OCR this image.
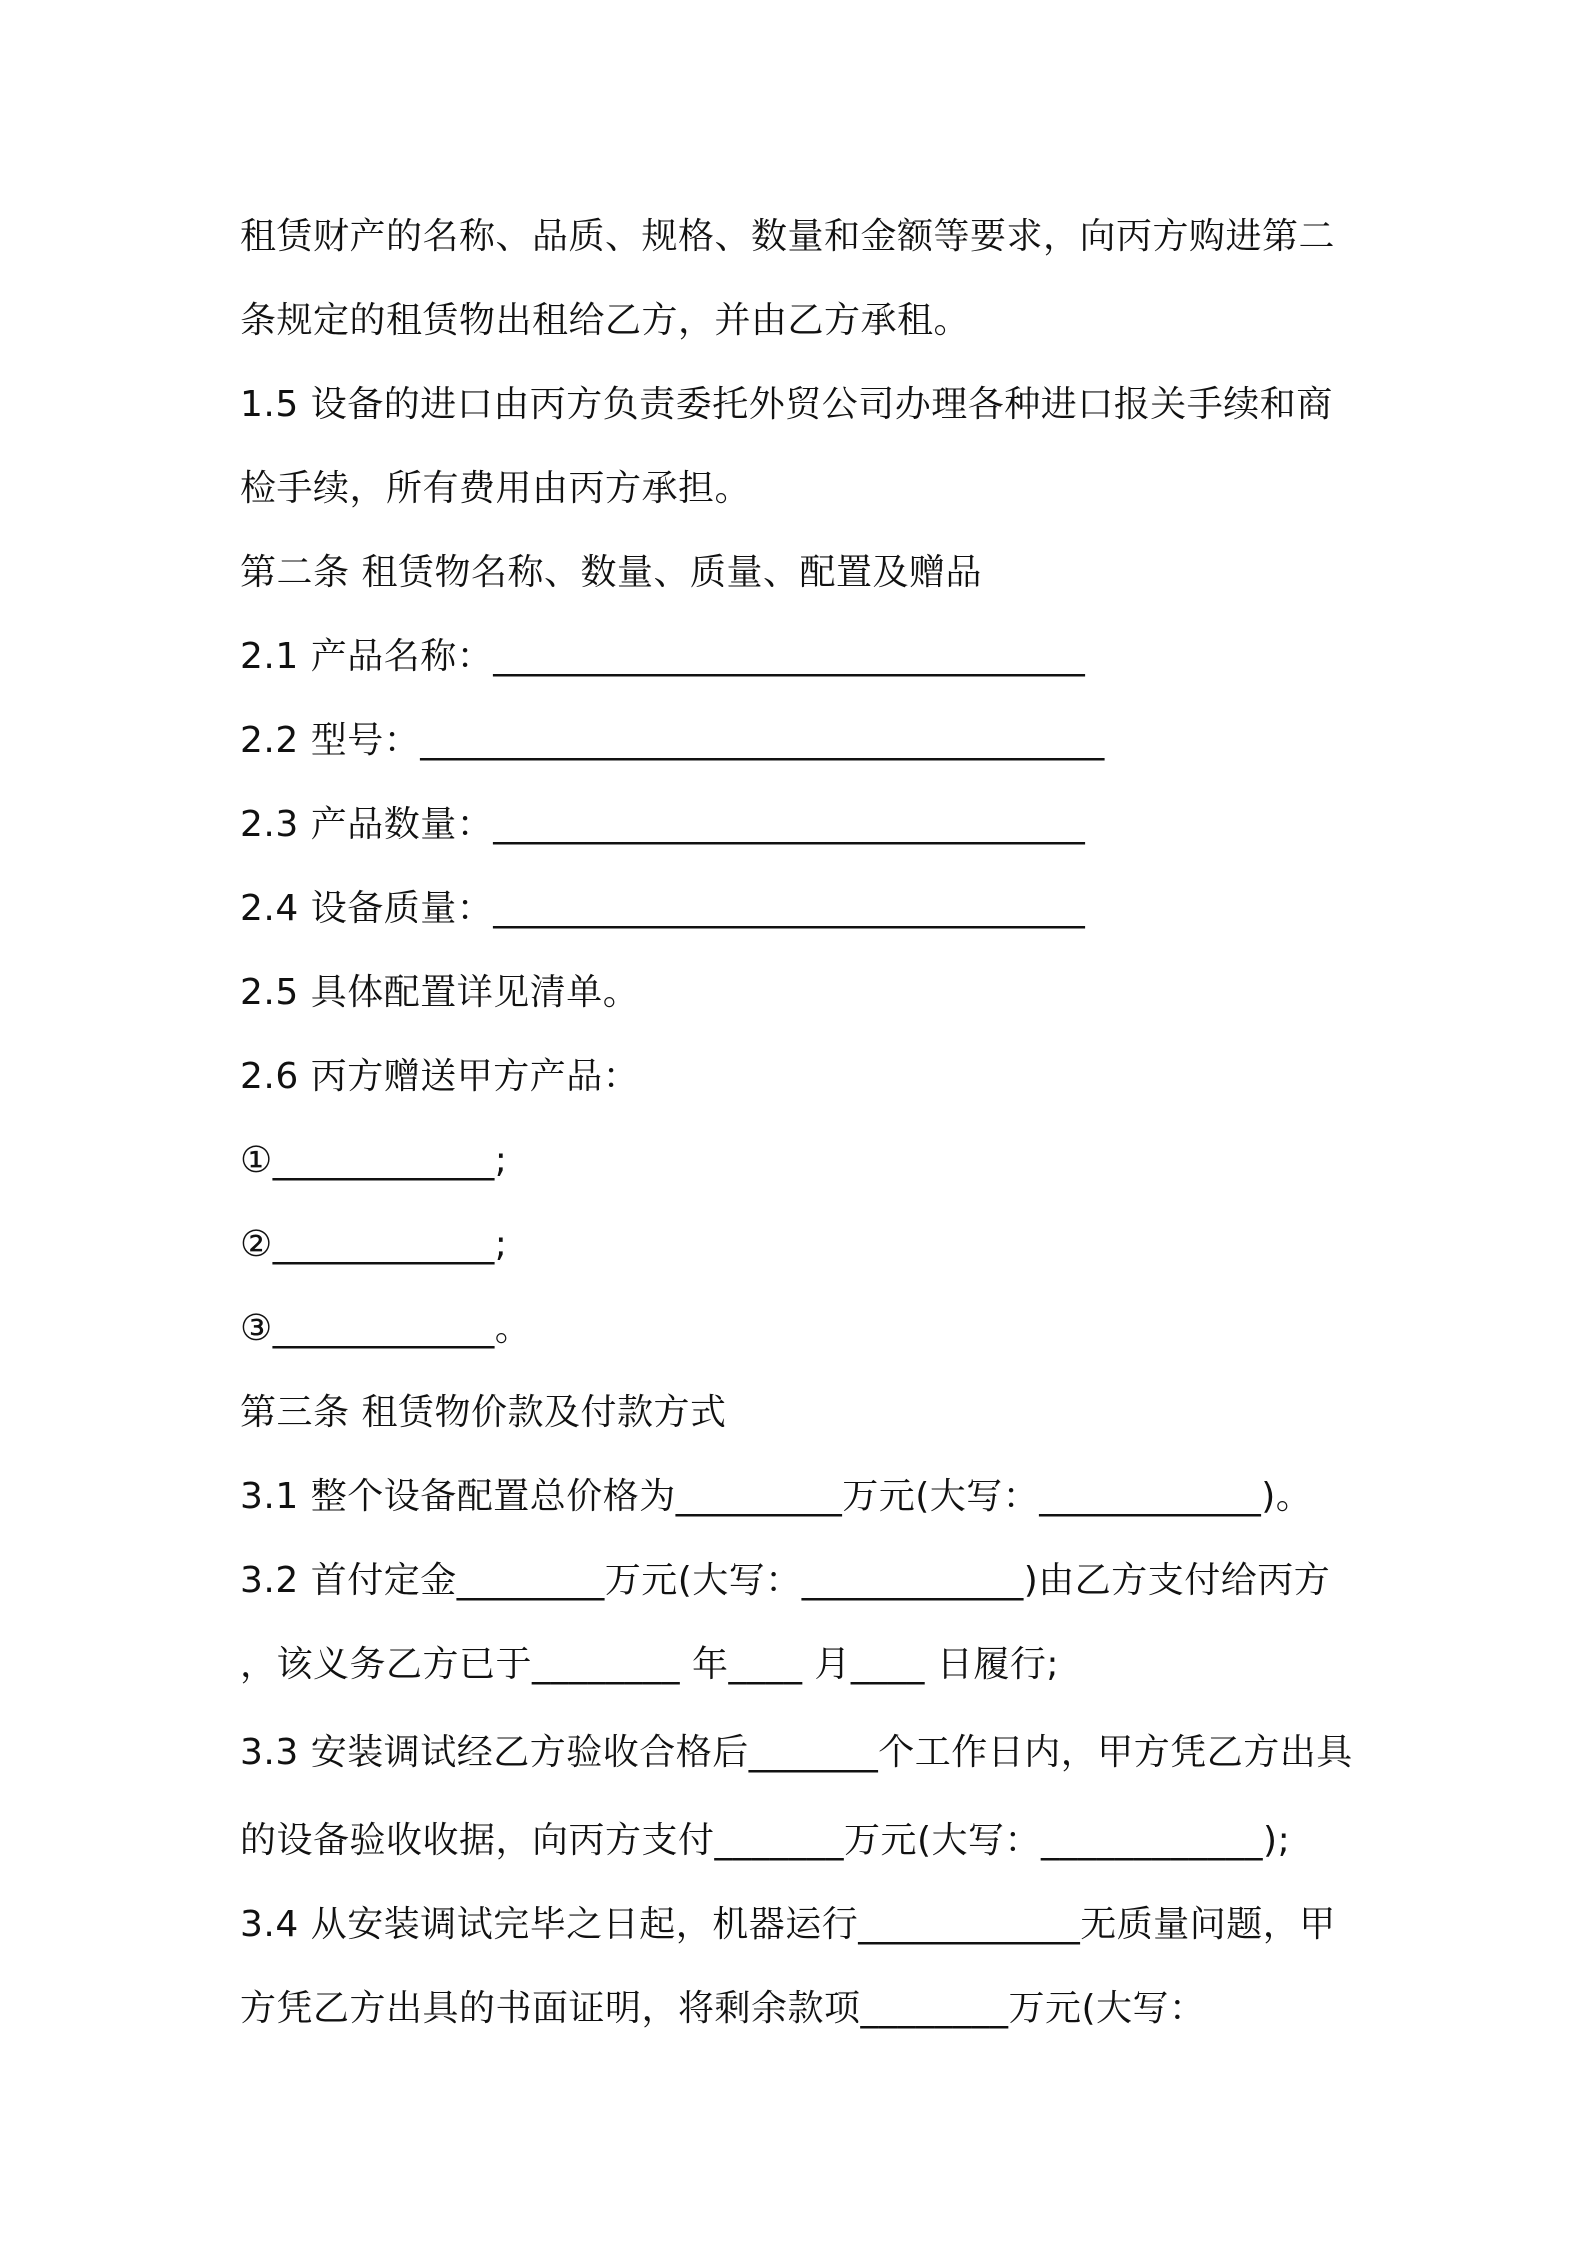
租赁财产的名称、品质、规格、数量和金额等要求，向丙方购进第二
条规定的租赁物出租给乙方，并由乙方承租。
1.5 设备的进口由丙方负责委托外贸公司办理各种进口报关手续和商
检手续，所有费用由丙方承担。
第二条 租赁物名称、数量、质量、配置及赠品
2.1 产品名称：________________________________
2.2 型号：_____________________________________
2.3 产品数量：________________________________
2.4 设备质量：________________________________
2.5 具体配置详见清单。
2.6 丙方赠送甲方产品：
①____________;
②____________;
③____________。
第三条 租赁物价款及付款方式
3.1 整个设备配置总价格为_________万元(大写：____________)。
3.2 首付定金________万元(大写：____________)由乙方支付给丙方
，该义务乙方已于________ 年____ 月____ 日履行;
3.3 安装调试经乙方验收合格后_______个工作日内，甲方凭乙方出具
的设备验收收据，向丙方支付_______万元(大写：____________);
3.4 从安装调试完毕之日起，机器运行____________无质量问题，甲
方凭乙方出具的书面证明，将剩余款项________万元(大写：
